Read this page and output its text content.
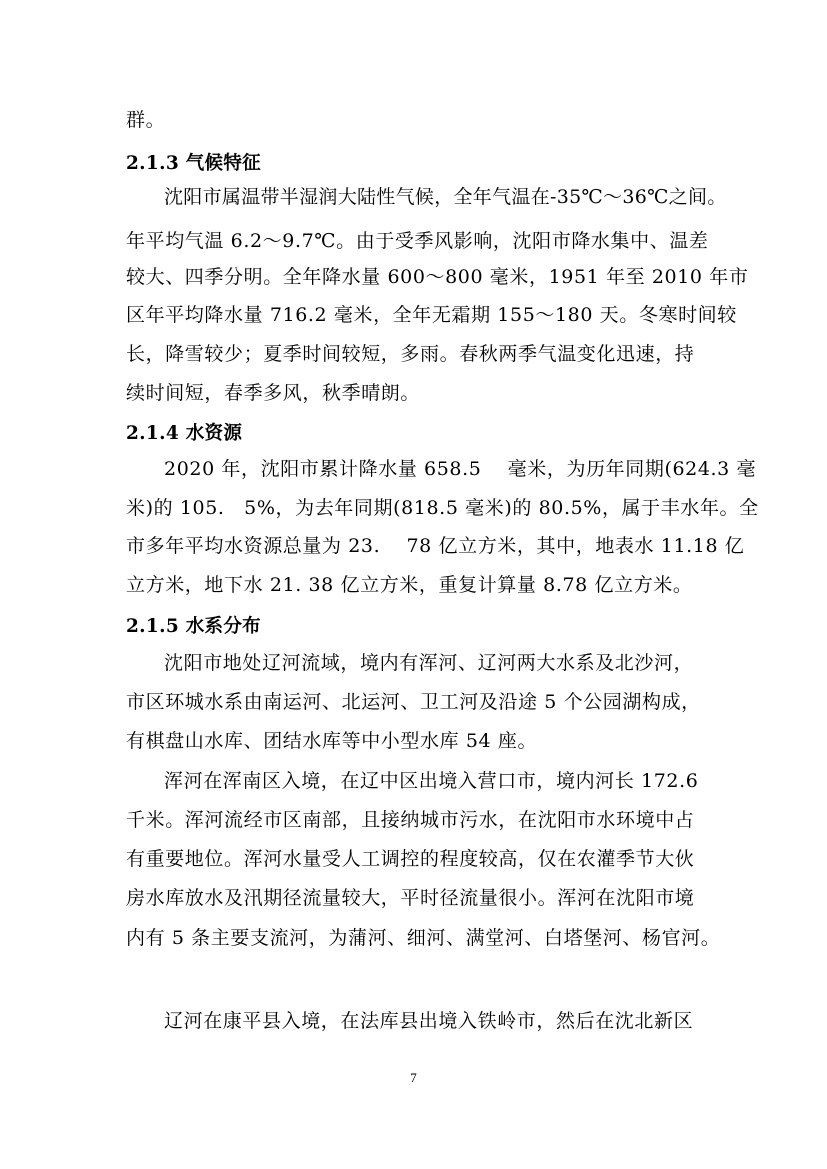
群。
2.1.3 气候特征
沈阳市属温带半湿润大陆性气候，全年气温在-35℃～36℃之间。
年平均气温 6.2～9.7℃。由于受季风影响，沈阳市降水集中、温差
较大、四季分明。全年降水量 600～800 毫米，1951 年至 2010 年市
区年平均降水量 716.2 毫米，全年无霜期 155～180 天。冬寒时间较
长，降雪较少；夏季时间较短，多雨。春秋两季气温变化迅速，持
续时间短，春季多风，秋季晴朗。
2.1.4 水资源
2020 年，沈阳市累计降水量 658.5　 毫米，为历年同期(624.3 毫
米)的 105.　5%，为去年同期(818.5 毫米)的 80.5%，属于丰水年。全
市多年平均水资源总量为 23.　 78 亿立方米，其中，地表水 11.18 亿
立方米，地下水 21. 38 亿立方米，重复计算量 8.78 亿立方米。
2.1.5 水系分布
沈阳市地处辽河流域，境内有浑河、辽河两大水系及北沙河，
市区环城水系由南运河、北运河、卫工河及沿途 5 个公园湖构成，
有棋盘山水库、团结水库等中小型水库 54 座。
浑河在浑南区入境，在辽中区出境入营口市，境内河长 172.6
千米。浑河流经市区南部，且接纳城市污水，在沈阳市水环境中占
有重要地位。浑河水量受人工调控的程度较高，仅在农灌季节大伙
房水库放水及汛期径流量较大，平时径流量很小。浑河在沈阳市境
内有 5 条主要支流河，为蒲河、细河、满堂河、白塔堡河、杨官河。
辽河在康平县入境，在法库县出境入铁岭市，然后在沈北新区
7
